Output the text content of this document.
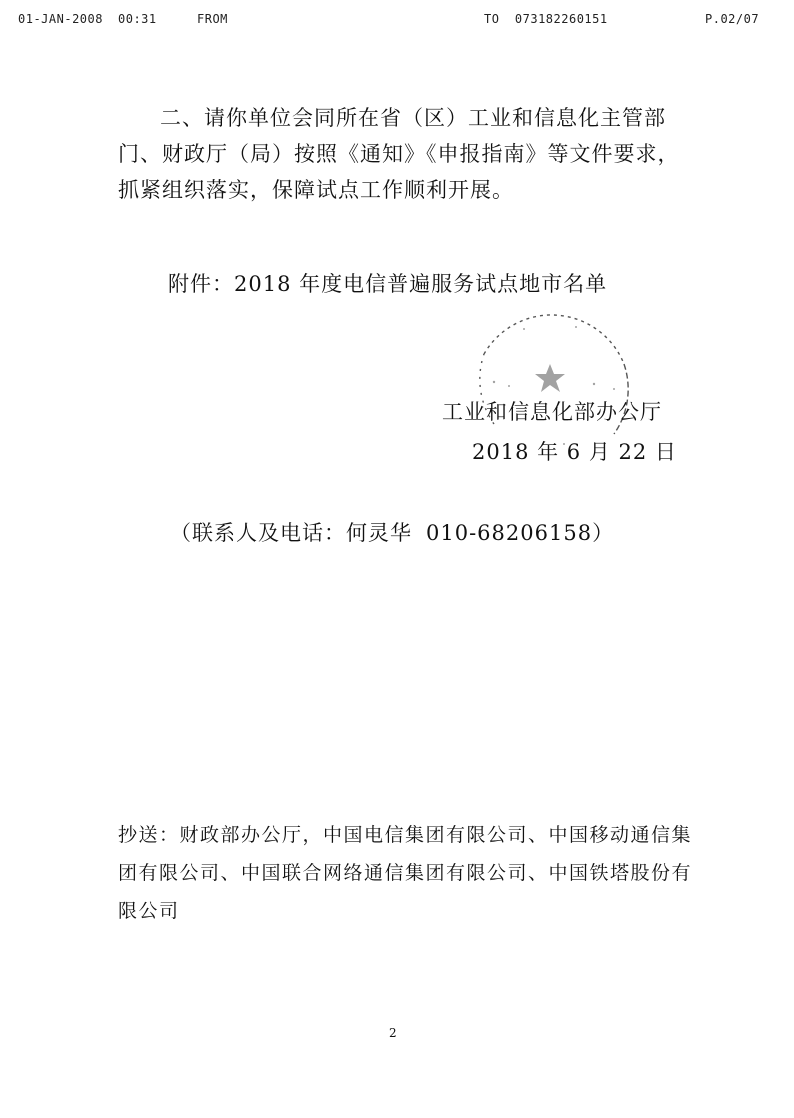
01-JAN-2008 00:31	FROM	TO  073182260151	P.02/07

二、请你单位会同所在省（区）工业和信息化主管部门、财政厅（局）按照《通知》《申报指南》等文件要求，抓紧组织落实，保障试点工作顺利开展。

附件：2018 年度电信普遍服务试点地市名单
工业和信息化部办公厅
2018 年 6 月 22 日
（联系人及电话：何灵华 010-68206158）

抄送：财政部办公厅，中国电信集团有限公司、中国移动通信集团有限公司、中国联合网络通信集团有限公司、中国铁塔股份有限公司

2
